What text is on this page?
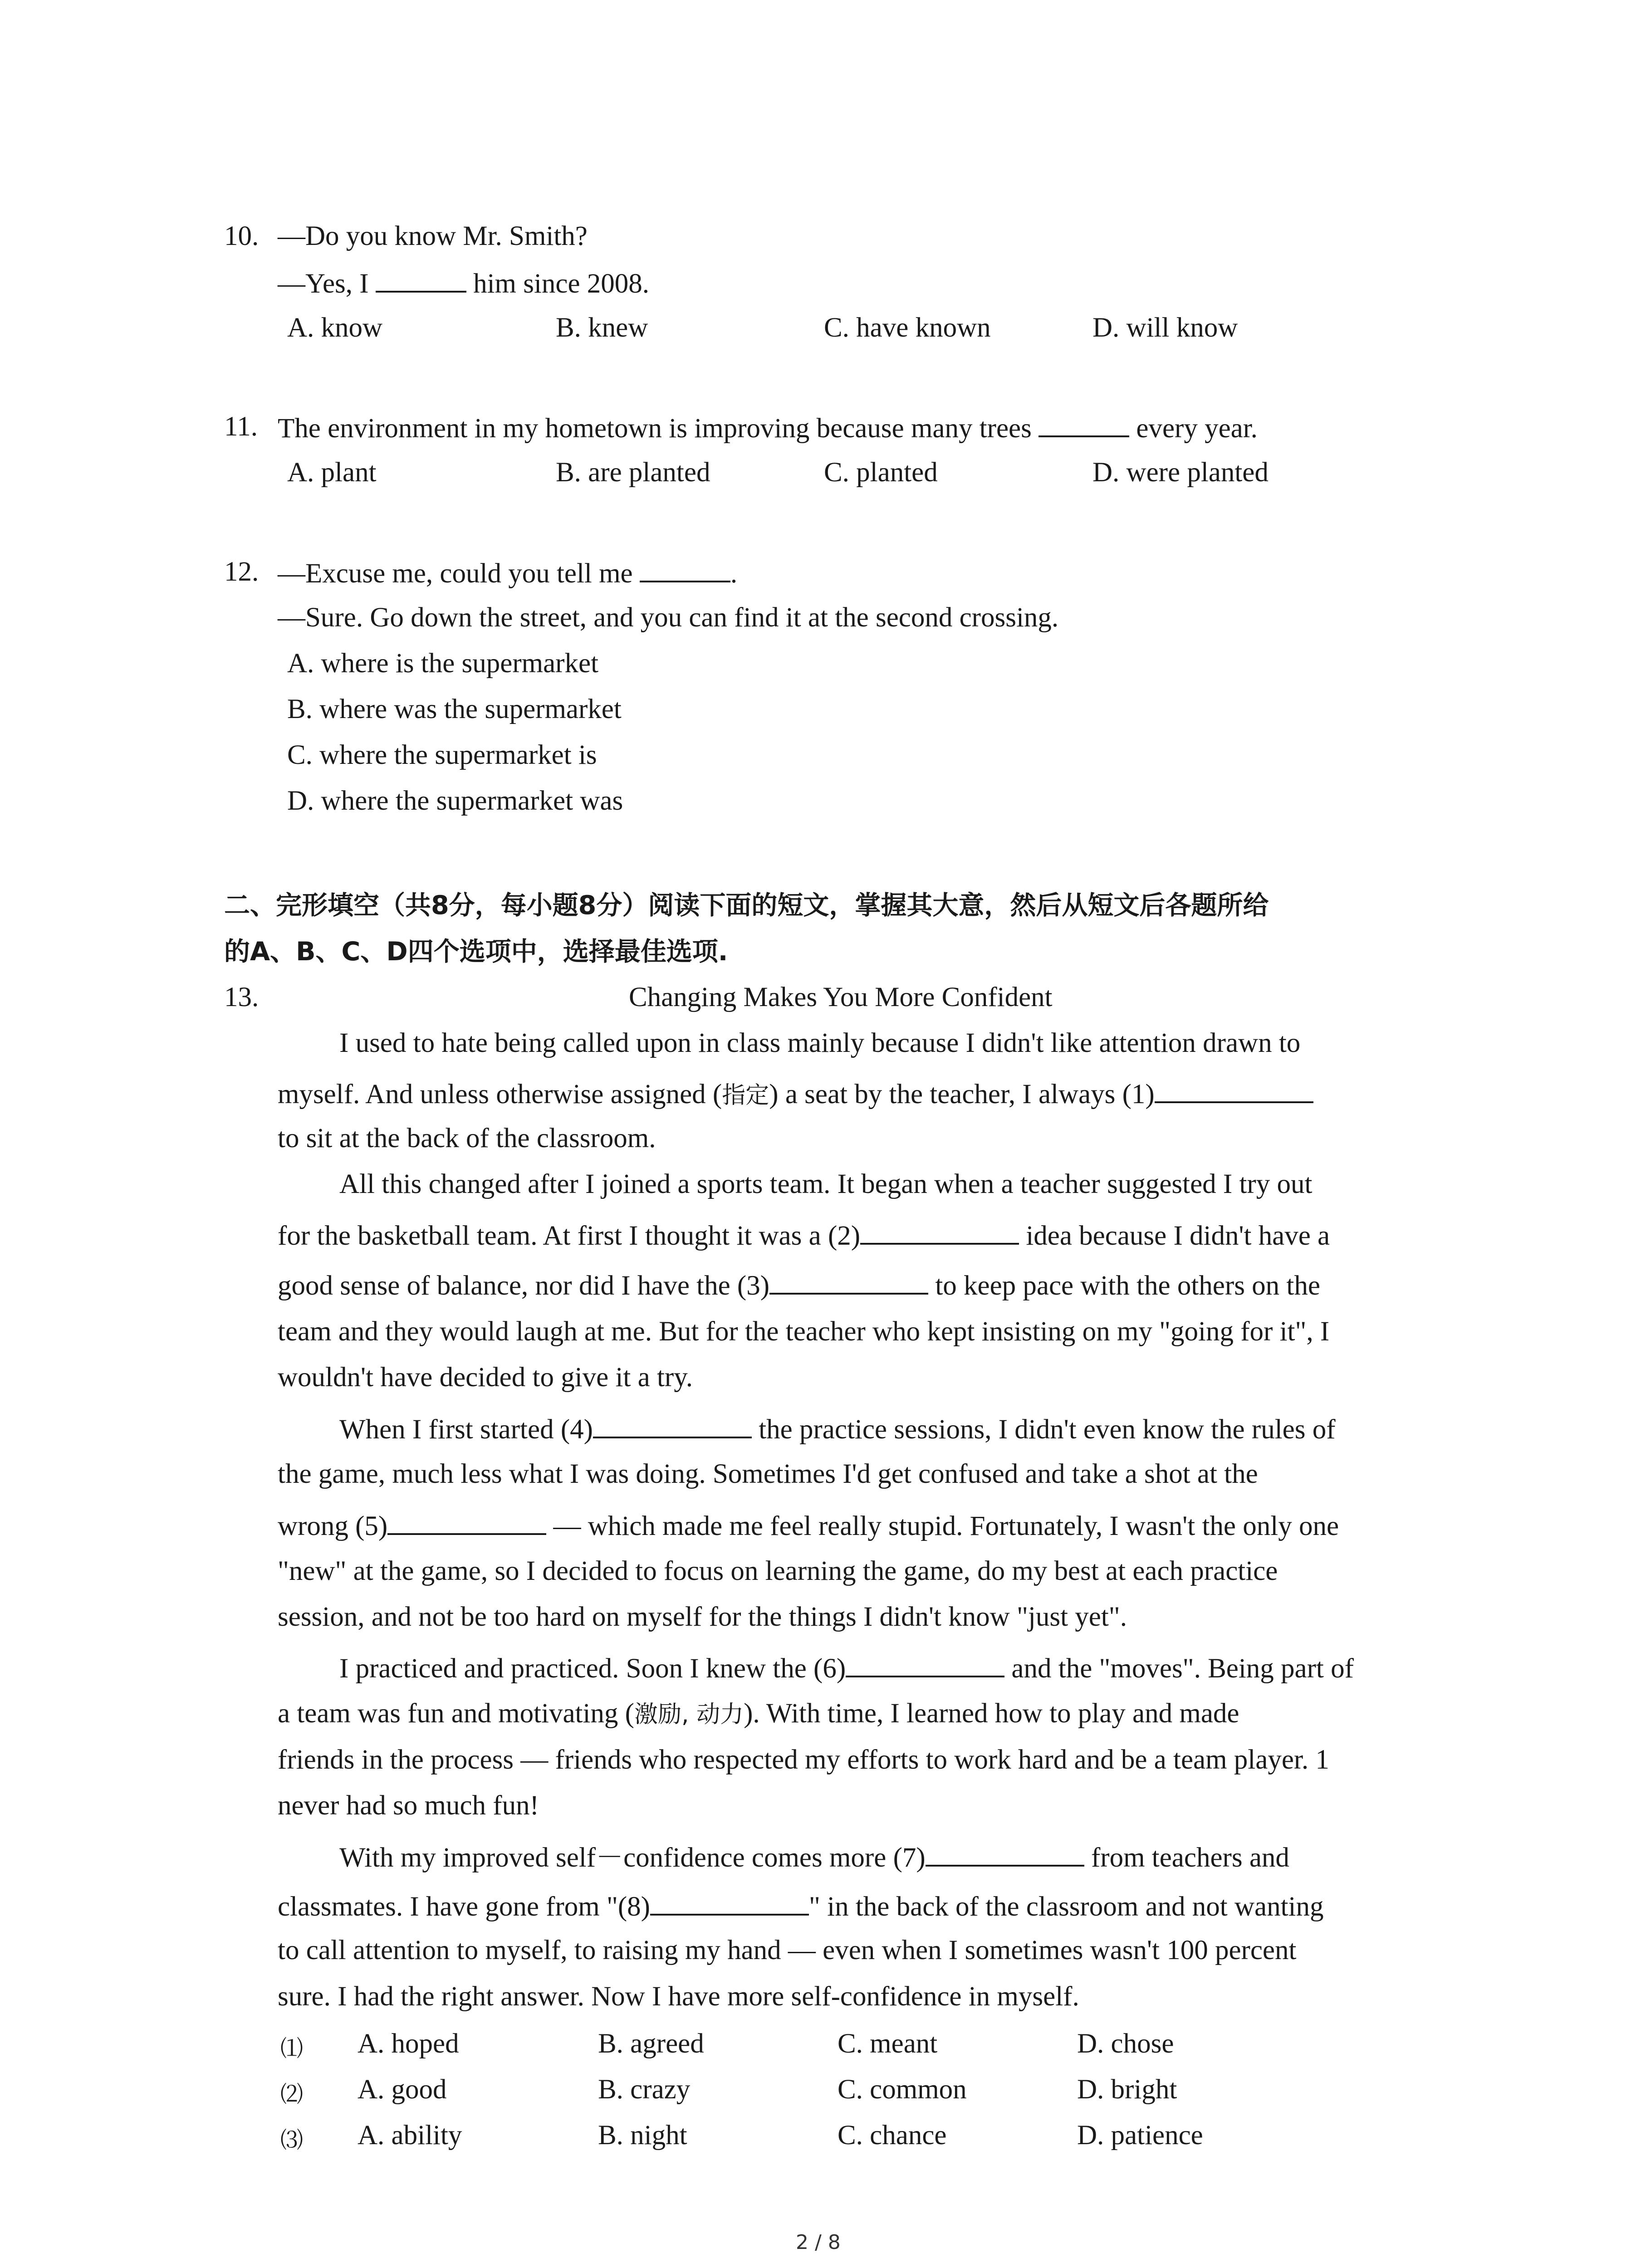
10. —Do you know Mr. Smith?
—Yes, I	him since 2008.
A. know	B. knew	C. have known	D. will know
11. The environment in my hometown is improving because many trees	every year.
A. plant	B. are planted	C. planted	D. were planted
12. —Excuse me, could you tell me	.
—Sure. Go down the street, and you can find it at the second crossing.
A. where is the supermarket
B. where was the supermarket
C. where the supermarket is
D. where the supermarket was
二、完形填空（共8分，每小题8分）阅读下面的短文，掌握其大意，然后从短文后各题所给
的A、B、C、D四个选项中，选择最佳选项.
13.	Changing Makes You More Confident
I used to hate being called upon in class mainly because I didn't like attention drawn to
myself. And unless otherwise assigned (指定) a seat by the teacher, I always (1)
to sit at the back of the classroom.
All this changed after I joined a sports team. It began when a teacher suggested I try out
for the basketball team. At first I thought it was a (2)	idea because I didn't have a
good sense of balance, nor did I have the (3)	to keep pace with the others on the
team and they would laugh at me. But for the teacher who kept insisting on my "going for it", I
wouldn't have decided to give it a try.
When I first started (4)	the practice sessions, I didn't even know the rules of
the game, much less what I was doing. Sometimes I'd get confused and take a shot at the
wrong (5)	— which made me feel really stupid. Fortunately, I wasn't the only one
"new" at the game, so I decided to focus on learning the game, do my best at each practice
session, and not be too hard on myself for the things I didn't know "just yet".
I practiced and practiced. Soon I knew the (6)	and the "moves". Being part of
a team was fun and motivating (激励, 动力). With time, I learned how to play and made
friends in the process — friends who respected my efforts to work hard and be a team player. 1
never had so much fun!
With my improved self－confidence comes more (7)	from teachers and
classmates. I have gone from "(8)	" in the back of the classroom and not wanting
to call attention to myself, to raising my hand — even when I sometimes wasn't 100 percent
sure. I had the right answer. Now I have more self-confidence in myself.
⑴ A. hoped	B. agreed	C. meant	D. chose
⑵ A. good	B. crazy	C. common	D. bright
⑶ A. ability	B. night	C. chance	D. patience
2 / 8
